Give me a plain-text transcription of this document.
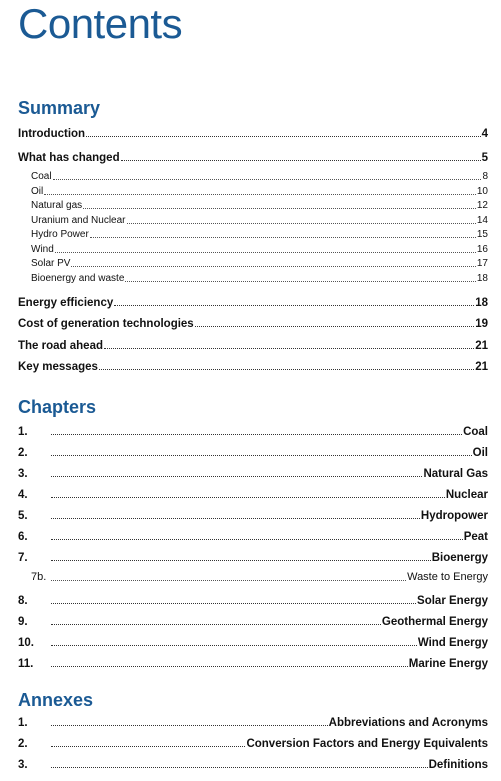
Contents
Summary
Introduction	4
What has changed	5
Coal	8
Oil	10
Natural gas	12
Uranium and Nuclear	14
Hydro Power	15
Wind	16
Solar PV	17
Bioenergy and waste	18
Energy efficiency	18
Cost of generation technologies	19
The road ahead	21
Key messages	21
Chapters
1.	Coal
2.	Oil
3.	Natural Gas
4.	Nuclear
5.	Hydropower
6.	Peat
7.	Bioenergy
7b.	Waste to Energy
8.	Solar Energy
9.	Geothermal Energy
10.	Wind Energy
11.	Marine Energy
Annexes
1.	Abbreviations and Acronyms
2.	Conversion Factors and Energy Equivalents
3.	Definitions
